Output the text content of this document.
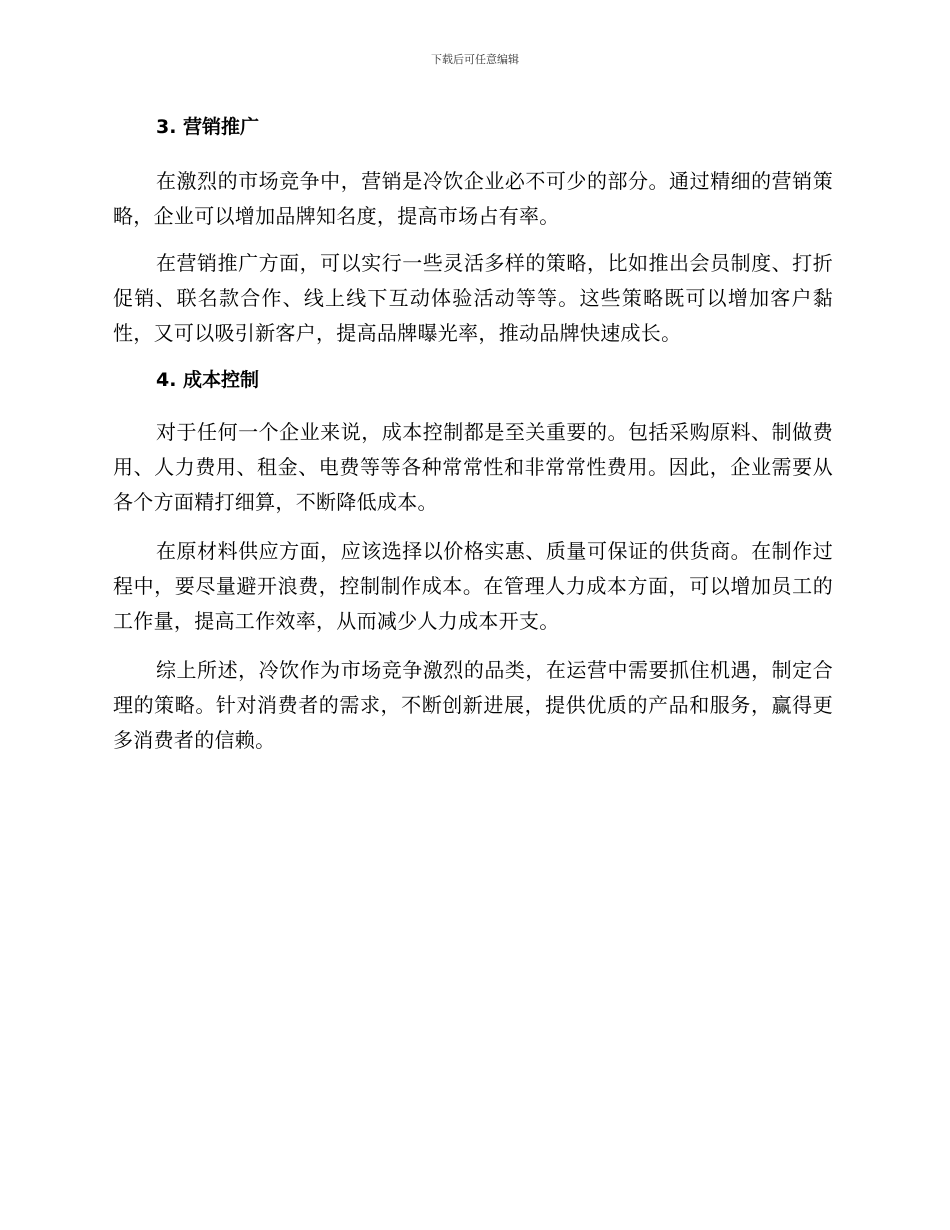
下载后可任意编辑
3. 营销推广

在激烈的市场竞争中，营销是冷饮企业必不可少的部分。通过精细的营销策略，企业可以增加品牌知名度，提高市场占有率。

在营销推广方面，可以实行一些灵活多样的策略，比如推出会员制度、打折促销、联名款合作、线上线下互动体验活动等等。这些策略既可以增加客户黏性，又可以吸引新客户，提高品牌曝光率，推动品牌快速成长。

4. 成本控制

对于任何一个企业来说，成本控制都是至关重要的。包括采购原料、制做费用、人力费用、租金、电费等等各种常常性和非常常性费用。因此，企业需要从各个方面精打细算，不断降低成本。

在原材料供应方面，应该选择以价格实惠、质量可保证的供货商。在制作过程中，要尽量避开浪费，控制制作成本。在管理人力成本方面，可以增加员工的工作量，提高工作效率，从而减少人力成本开支。

综上所述，冷饮作为市场竞争激烈的品类，在运营中需要抓住机遇，制定合理的策略。针对消费者的需求，不断创新进展，提供优质的产品和服务，赢得更多消费者的信赖。
